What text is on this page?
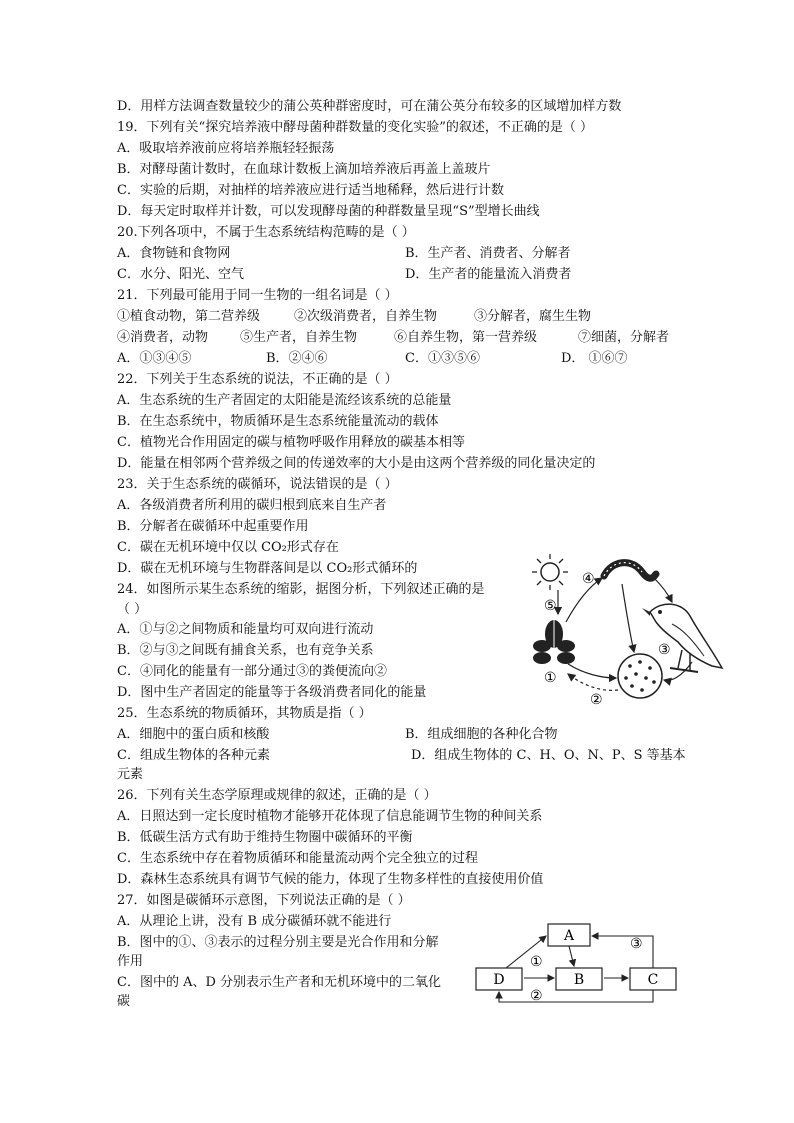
D．用样方法调查数量较少的蒲公英种群密度时，可在蒲公英分布较多的区域增加样方数
19．下列有关“探究培养液中酵母菌种群数量的变化实验”的叙述，不正确的是（ ）
A．吸取培养液前应将培养瓶轻轻振荡
B．对酵母菌计数时，在血球计数板上滴加培养液后再盖上盖玻片
C．实验的后期，对抽样的培养液应进行适当地稀释，然后进行计数
D．每天定时取样并计数，可以发现酵母菌的种群数量呈现“S”型增长曲线
20.下列各项中，不属于生态系统结构范畴的是（ ）
A．食物链和食物网	B．生产者、消费者、分解者
C．水分、阳光、空气	D．生产者的能量流入消费者
21．下列最可能用于同一生物的一组名词是（ ）
①植食动物，第二营养级	②次级消费者，自养生物	③分解者，腐生生物
④消费者，动物 ⑤生产者，自养生物	⑥自养生物，第一营养级	⑦细菌，分解者
A．①③④⑤	B．②④⑥	C．①③⑤⑥	D． ①⑥⑦
22．下列关于生态系统的说法，不正确的是（ ）
A．生态系统的生产者固定的太阳能是流经该系统的总能量
B．在生态系统中，物质循环是生态系统能量流动的载体
C．植物光合作用固定的碳与植物呼吸作用释放的碳基本相等
D．能量在相邻两个营养级之间的传递效率的大小是由这两个营养级的同化量决定的
23．关于生态系统的碳循环，说法错误的是（ ）
A．各级消费者所利用的碳归根到底来自生产者
B．分解者在碳循环中起重要作用
C．碳在无机环境中仅以 CO₂形式存在
D．碳在无机环境与生物群落间是以 CO₂形式循环的
24．如图所示某生态系统的缩影，据图分析，下列叙述正确的是
（ ）
A．①与②之间物质和能量均可双向进行流动
B．②与③之间既有捕食关系，也有竞争关系
C．④同化的能量有一部分通过③的粪便流向②
D．图中生产者固定的能量等于各级消费者同化的能量
⑤
④
③
①
②
25．生态系统的物质循环，其物质是指（ ）
A．细胞中的蛋白质和核酸	B．组成细胞的各种化合物
C．组成生物体的各种元素	D．组成生物体的 C、H、O、N、P、S 等基本
元素
26．下列有关生态学原理或规律的叙述，正确的是（ ）
A．日照达到一定长度时植物才能够开花体现了信息能调节生物的种间关系
B．低碳生活方式有助于维持生物圈中碳循环的平衡
C．生态系统中存在着物质循环和能量流动两个完全独立的过程
D．森林生态系统具有调节气候的能力，体现了生物多样性的直接使用价值
27．如图是碳循环示意图，下列说法正确的是（ ）
A．从理论上讲，没有 B 成分碳循环就不能进行
B．图中的①、③表示的过程分别主要是光合作用和分解
作用
C．图中的 A、D 分别表示生产者和无机环境中的二氧化
碳
A
D	B	C
①
②
③
